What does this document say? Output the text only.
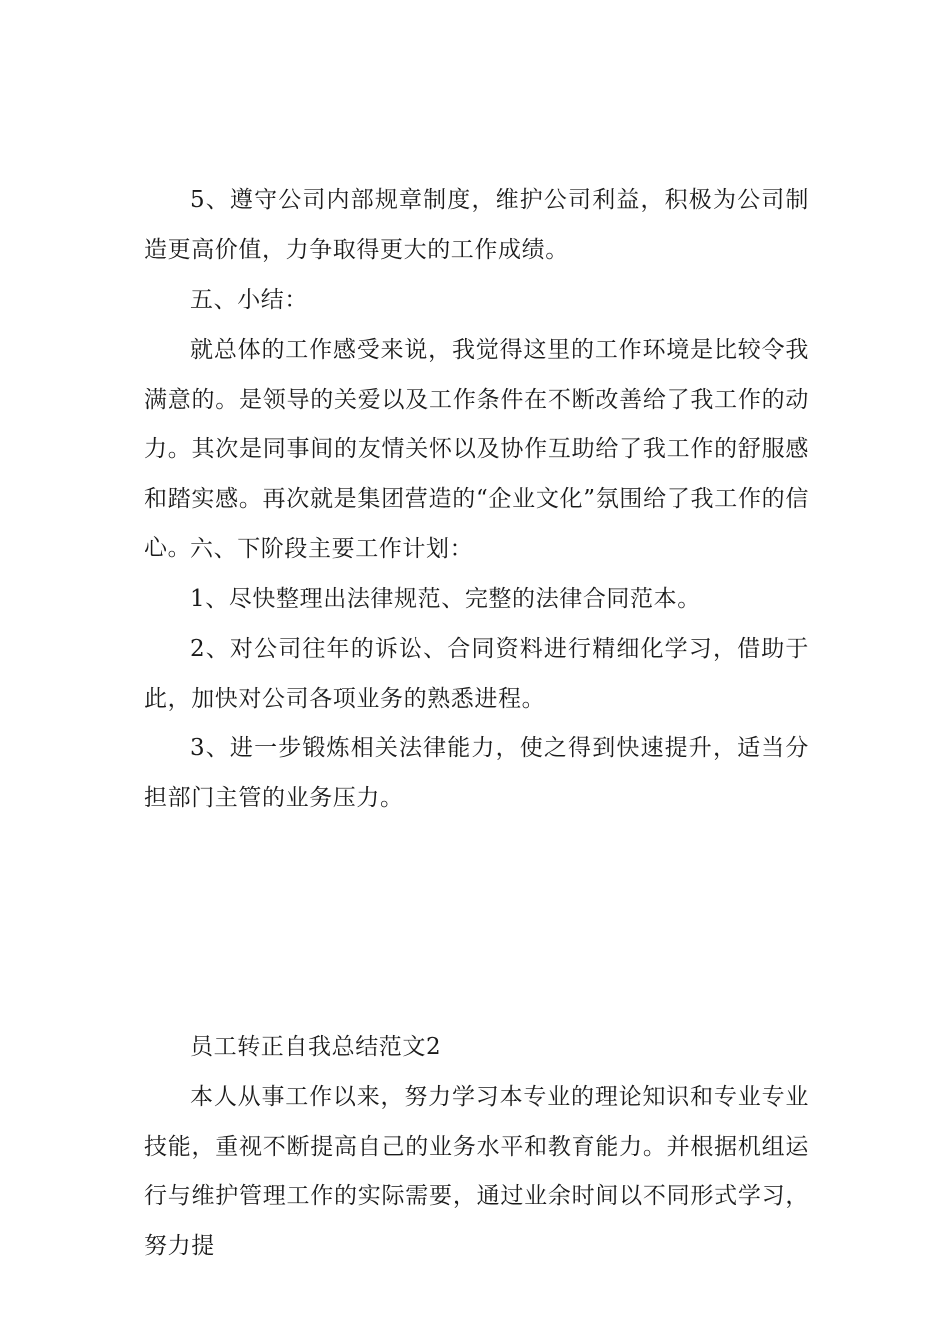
5、遵守公司内部规章制度，维护公司利益，积极为公司制造更高价值，力争取得更大的工作成绩。

五、小结：

就总体的工作感受来说，我觉得这里的工作环境是比较令我满意的。是领导的关爱以及工作条件在不断改善给了我工作的动力。其次是同事间的友情关怀以及协作互助给了我工作的舒服感和踏实感。再次就是集团营造的“企业文化”氛围给了我工作的信心。

六、下阶段主要工作计划：

1、尽快整理出法律规范、完整的法律合同范本。

2、对公司往年的诉讼、合同资料进行精细化学习，借助于此，加快对公司各项业务的熟悉进程。

3、进一步锻炼相关法律能力，使之得到快速提升，适当分担部门主管的业务压力。

员工转正自我总结范文2

本人从事工作以来，努力学习本专业的理论知识和专业专业技能，重视不断提高自己的业务水平和教育能力。并根据机组运行与维护管理工作的实际需要，通过业余时间以不同形式学习，努力提
